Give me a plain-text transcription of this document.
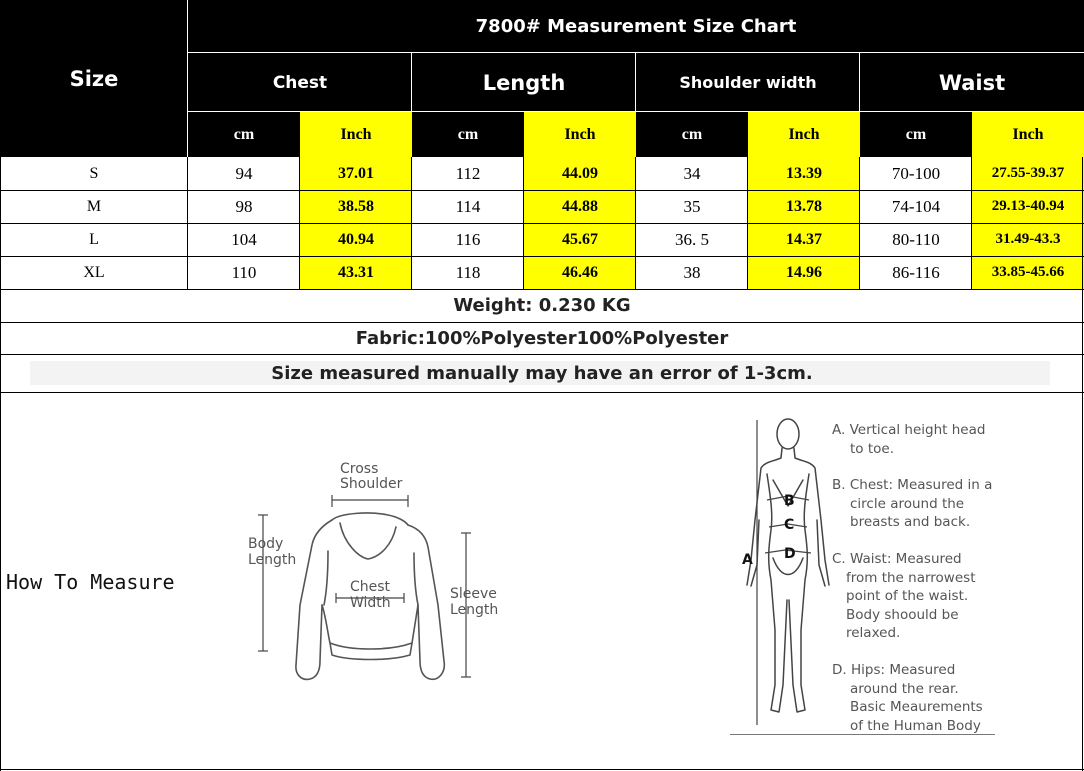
Size
7800# Measurement Size Chart
Chest	Length	Shoulder width	Waist
cm	Inch	cm	Inch	cm	Inch	cm	Inch
S	94	37.01	112	44.09	34	13.39	70-100	27.55-39.37
M	98	38.58	114	44.88	35	13.78	74-104	29.13-40.94
L	104	40.94	116	45.67	36. 5	14.37	80-110	31.49-43.3
XL	110	43.31	118	46.46	38	14.96	86-116	33.85-45.66
Weight: 0.230 KG
Fabric:100%Polyester100%Polyester
Size measured manually may have an error of 1-3cm.
How To Measure
Cross
Shoulder
Body
Length
Chest
Width
Sleeve
Length
B
C
D
A
A. Vertical height head
to toe.
B. Chest: Measured in a
circle around the
breasts and back.
C. Waist: Measured
from the narrowest
point of the waist.
Body shoould be
relaxed.
D. Hips: Measured
around the rear.
Basic Meaurements
of the Human Body
